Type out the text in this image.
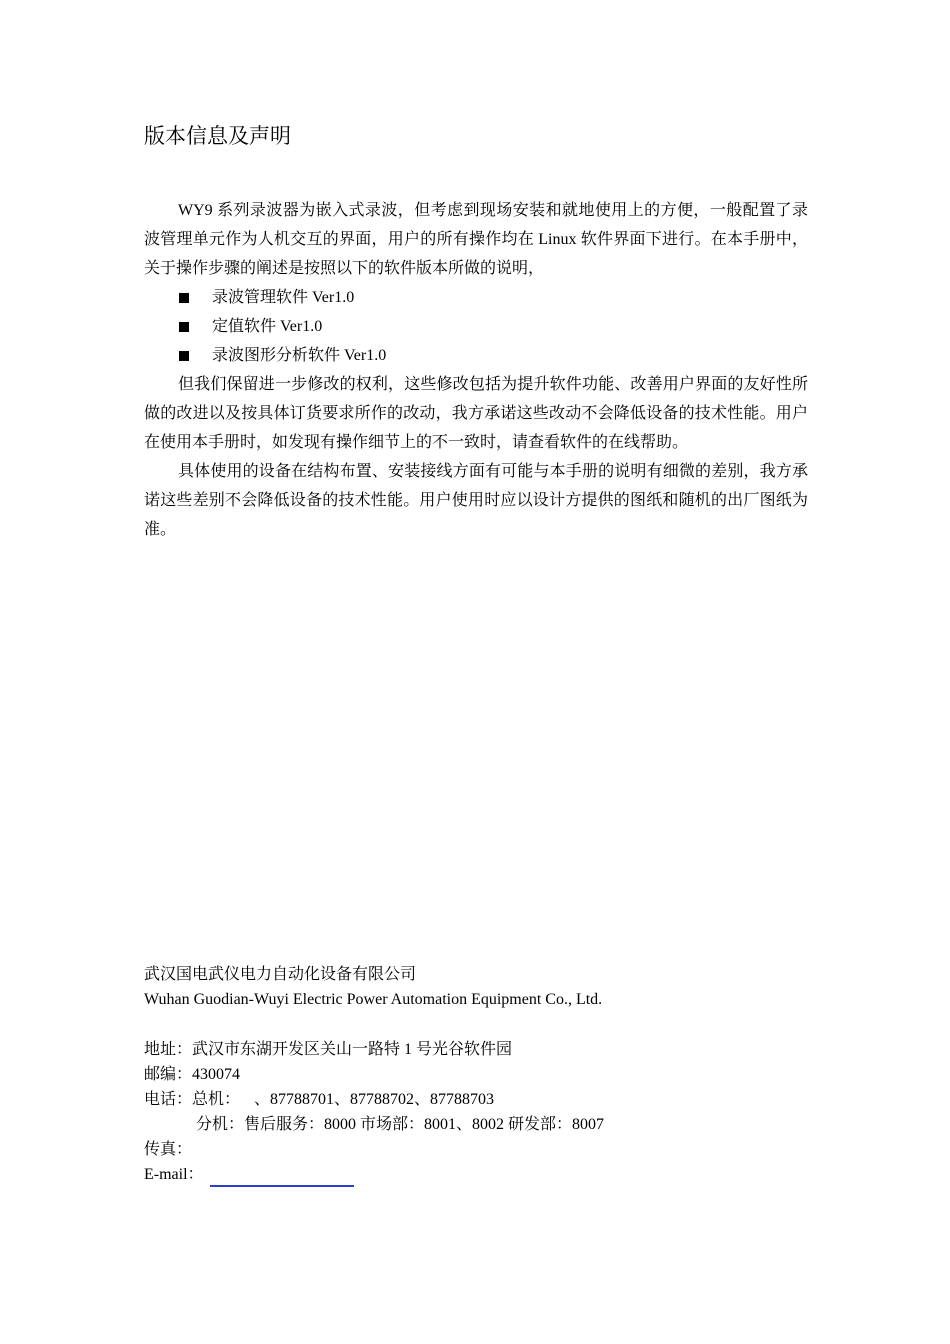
版本信息及声明

WY9 系列录波器为嵌入式录波，但考虑到现场安装和就地使用上的方便，一般配置了录波管理单元作为人机交互的界面，用户的所有操作均在 Linux 软件界面下进行。在本手册中，关于操作步骤的阐述是按照以下的软件版本所做的说明，

录波管理软件 Ver1.0
定值软件 Ver1.0
录波图形分析软件 Ver1.0

但我们保留进一步修改的权利，这些修改包括为提升软件功能、改善用户界面的友好性所做的改进以及按具体订货要求所作的改动，我方承诺这些改动不会降低设备的技术性能。用户在使用本手册时，如发现有操作细节上的不一致时，请查看软件的在线帮助。

具体使用的设备在结构布置、安装接线方面有可能与本手册的说明有细微的差别，我方承诺这些差别不会降低设备的技术性能。用户使用时应以设计方提供的图纸和随机的出厂图纸为准。

武汉国电武仪电力自动化设备有限公司
Wuhan Guodian-Wuyi Electric Power Automation Equipment Co., Ltd.
地址：武汉市东湖开发区关山一路特 1 号光谷软件园
邮编：430074
电话：总机： 、87788701、87788702、87788703
分机：售后服务：8000 市场部：8001、8002 研发部：8007
传真：
E-mail：
